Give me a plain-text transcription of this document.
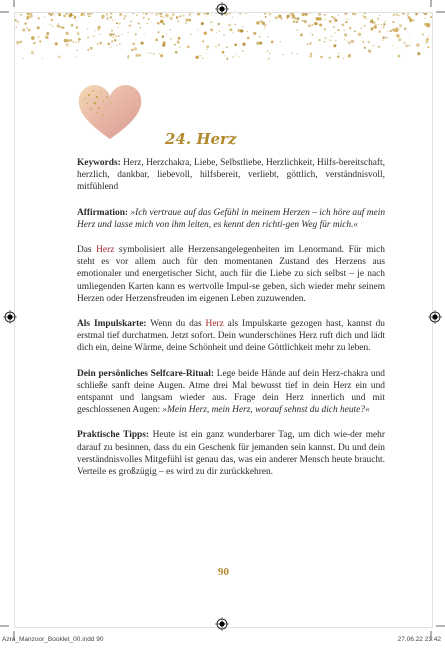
24. Herz

Keywords: Herz, Herzchakra, Liebe, Selbstliebe, Herzlichkeit, Hilfs-bereitschaft, herzlich, dankbar, liebevoll, hilfsbereit, verliebt, göttlich, verständnisvoll, mitfühlend

Affirmation: »Ich vertraue auf das Gefühl in meinem Herzen – ich höre auf mein Herz und lasse mich von ihm leiten, es kennt den richti-gen Weg für mich.«

Das Herz symbolisiert alle Herzensangelegenheiten im Lenormand. Für mich steht es vor allem auch für den momentanen Zustand des Herzens aus emotionaler und energetischer Sicht, auch für die Liebe zu sich selbst – je nach umliegenden Karten kann es wertvolle Impul-se geben, sich wieder mehr seinem Herzen oder Herzensfreuden im eigenen Leben zuzuwenden.

Als Impulskarte: Wenn du das Herz als Impulskarte gezogen hast, kannst du erstmal tief durchatmen. Jetzt sofort. Dein wunderschönes Herz ruft dich und lädt dich ein, deine Wärme, deine Schönheit und deine Göttlichkeit mehr zu leben.

Dein persönliches Selfcare-Ritual: Lege beide Hände auf dein Herz-chakra und schließe sanft deine Augen. Atme drei Mal bewusst tief in dein Herz ein und entspannt und langsam wieder aus. Frage dein Herz innerlich und mit geschlossenen Augen: »Mein Herz, mein Herz, worauf sehnst du dich heute?«

Praktische Tipps: Heute ist ein ganz wunderbarer Tag, um dich wie-der mehr darauf zu besinnen, dass du ein Geschenk für jemanden sein kannst. Du und dein verständnisvolles Mitgefühl ist genau das, was ein anderer Mensch heute braucht. Verteile es großzügig – es wird zu dir zurückkehren.

90
Azra_Manzoor_Booklet_00.indd 90	27.06.22 23:42
